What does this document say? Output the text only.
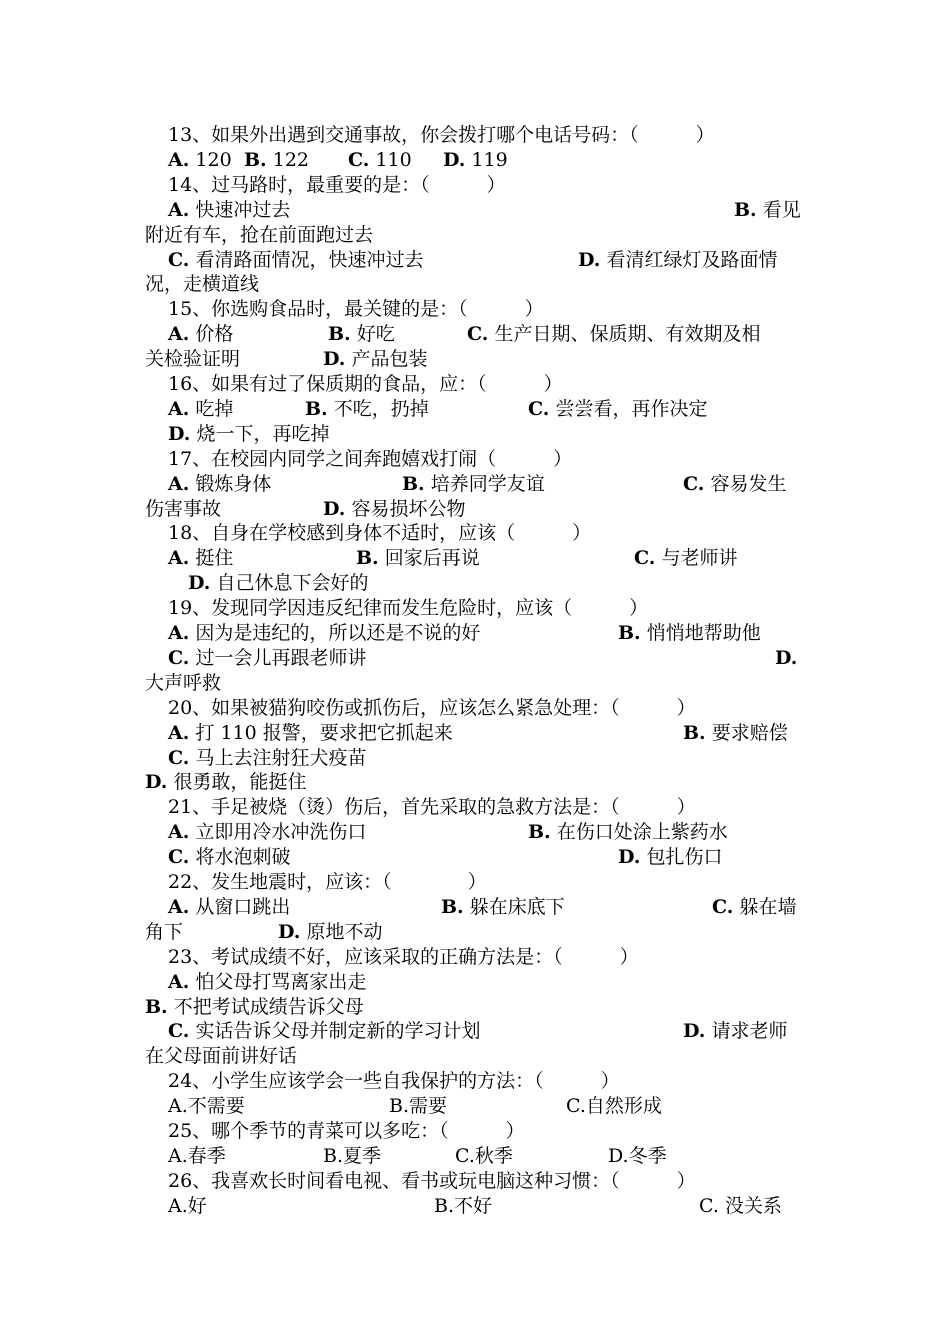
13、如果外出遇到交通事故，你会拨打哪个电话号码：（　　　）
A. 120 B. 122 C. 110 D. 119
14、过马路时，最重要的是：（　　　）
A. 快速冲过去	B. 看见
附近有车，抢在前面跑过去
C. 看清路面情况，快速冲过去	D. 看清红绿灯及路面情
况，走横道线
15、你选购食品时，最关键的是：（　　　）
A. 价格	B. 好吃	C. 生产日期、保质期、有效期及相
关检验证明	D. 产品包装
16、如果有过了保质期的食品，应：（　　　）
A. 吃掉	B. 不吃，扔掉	C. 尝尝看，再作决定
D. 烧一下，再吃掉
17、在校园内同学之间奔跑嬉戏打闹（　　　）
A. 锻炼身体	B. 培养同学友谊	C. 容易发生
伤害事故	D. 容易损坏公物
18、自身在学校感到身体不适时，应该（　　　）
A. 挺住	B. 回家后再说	C. 与老师讲
D. 自己休息下会好的
19、发现同学因违反纪律而发生危险时，应该（　　　）
A. 因为是违纪的，所以还是不说的好	B. 悄悄地帮助他
C. 过一会儿再跟老师讲	D.
大声呼救
20、如果被猫狗咬伤或抓伤后，应该怎么紧急处理：（　　　）
A. 打 110 报警，要求把它抓起来	B. 要求赔偿
C. 马上去注射狂犬疫苗
D. 很勇敢，能挺住
21、手足被烧（烫）伤后，首先采取的急救方法是：（　　　）
A. 立即用冷水冲洗伤口	B. 在伤口处涂上紫药水
C. 将水泡刺破	D. 包扎伤口
22、发生地震时，应该：（　　　　）
A. 从窗口跳出	B. 躲在床底下	C. 躲在墙
角下	D. 原地不动
23、考试成绩不好，应该采取的正确方法是：（　　　）
A. 怕父母打骂离家出走
B. 不把考试成绩告诉父母
C. 实话告诉父母并制定新的学习计划	D. 请求老师
在父母面前讲好话
24、小学生应该学会一些自我保护的方法：（　　　）
A.不需要	B.需要	C.自然形成
25、哪个季节的青菜可以多吃：（　　　）
A.春季	B.夏季	C.秋季	D.冬季
26、我喜欢长时间看电视、看书或玩电脑这种习惯：（　　　）
A.好	B.不好	C. 没关系
